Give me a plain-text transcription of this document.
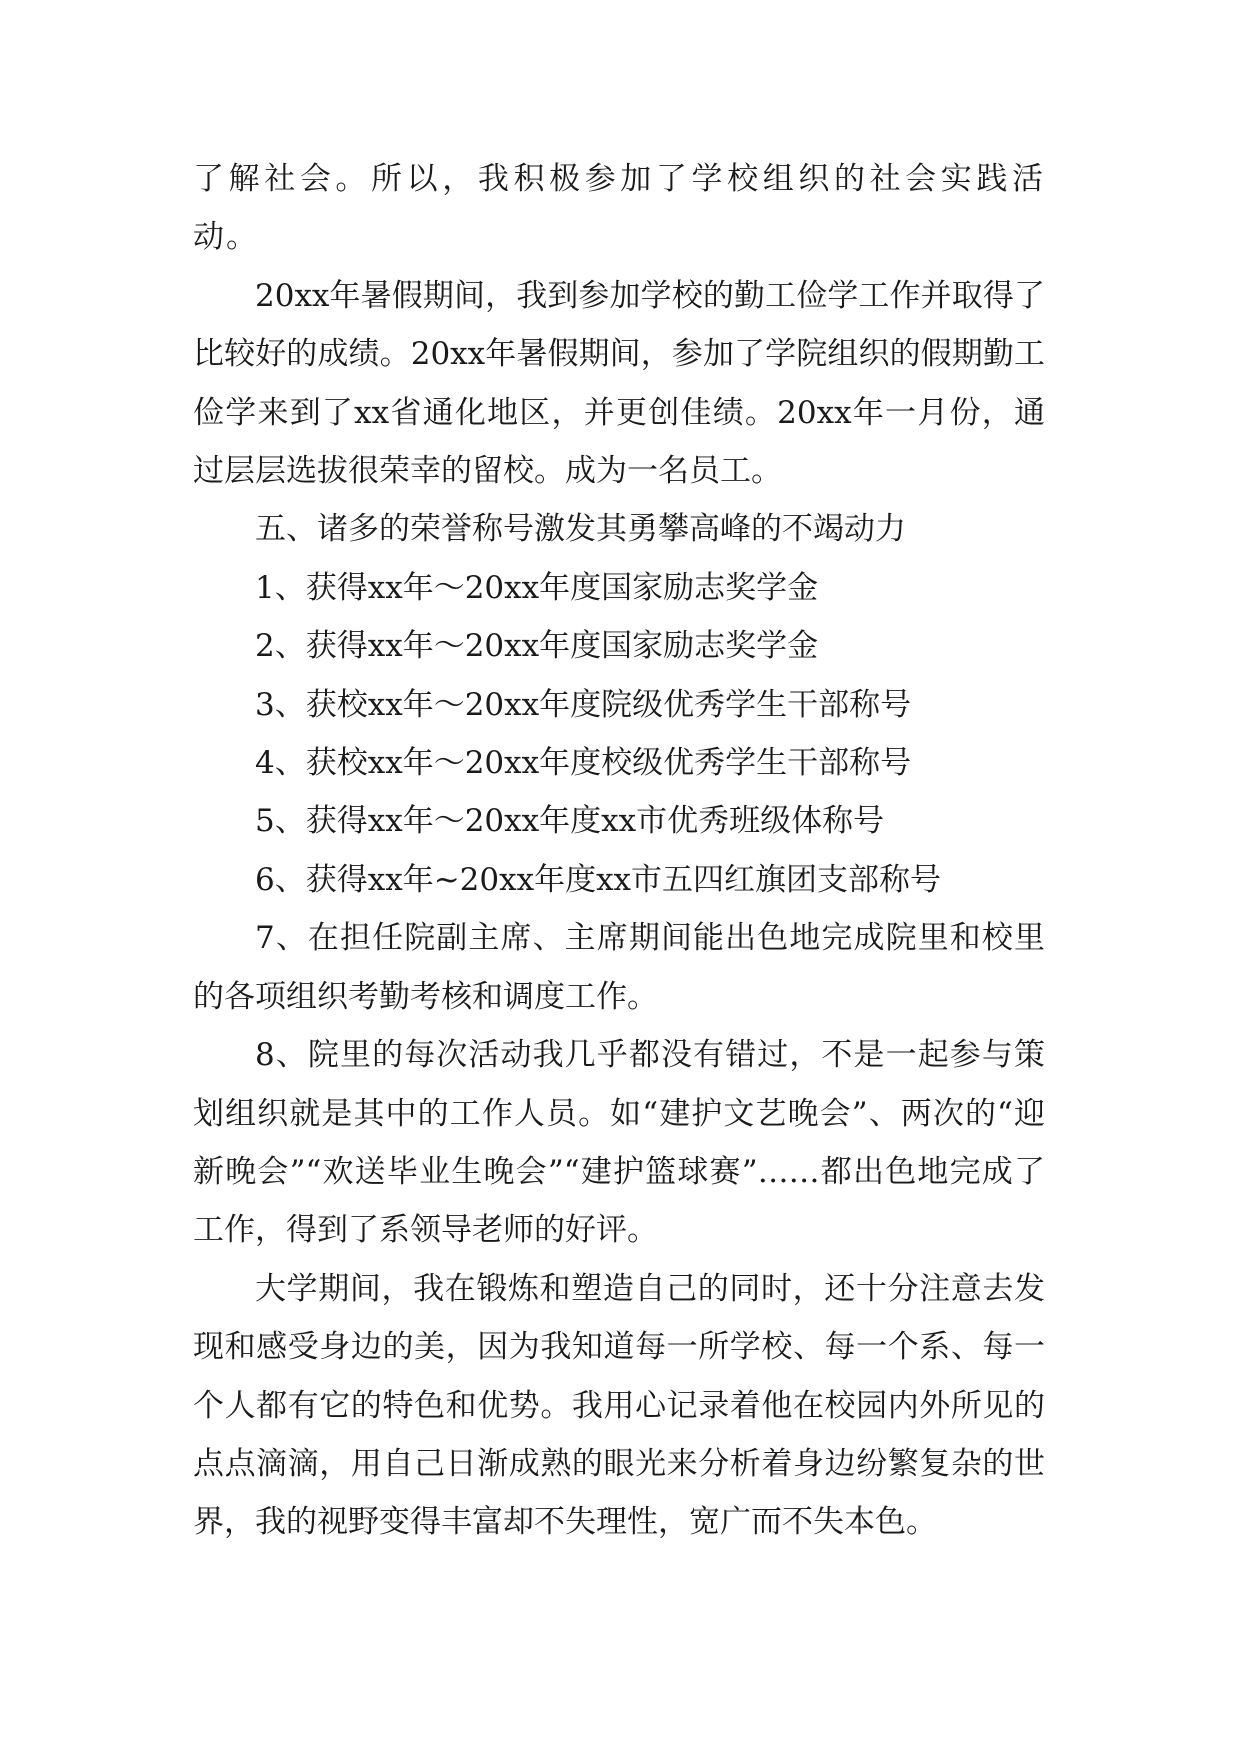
了解社会。所以，我积极参加了学校组织的社会实践活动。

20xx年暑假期间，我到参加学校的勤工俭学工作并取得了比较好的成绩。20xx年暑假期间，参加了学院组织的假期勤工俭学来到了xx省通化地区，并更创佳绩。20xx年一月份，通过层层选拔很荣幸的留校。成为一名员工。

五、诸多的荣誉称号激发其勇攀高峰的不竭动力

1、获得xx年～20xx年度国家励志奖学金

2、获得xx年～20xx年度国家励志奖学金

3、获校xx年～20xx年度院级优秀学生干部称号

4、获校xx年～20xx年度校级优秀学生干部称号

5、获得xx年～20xx年度xx市优秀班级体称号

6、获得xx年~20xx年度xx市五四红旗团支部称号

7、在担任院副主席、主席期间能出色地完成院里和校里的各项组织考勤考核和调度工作。

8、院里的每次活动我几乎都没有错过，不是一起参与策划组织就是其中的工作人员。如“建护文艺晚会”、两次的“迎新晚会”“欢送毕业生晚会”“建护篮球赛”……都出色地完成了工作，得到了系领导老师的好评。

大学期间，我在锻炼和塑造自己的同时，还十分注意去发现和感受身边的美，因为我知道每一所学校、每一个系、每一个人都有它的特色和优势。我用心记录着他在校园内外所见的点点滴滴，用自己日渐成熟的眼光来分析着身边纷繁复杂的世界，我的视野变得丰富却不失理性，宽广而不失本色。
